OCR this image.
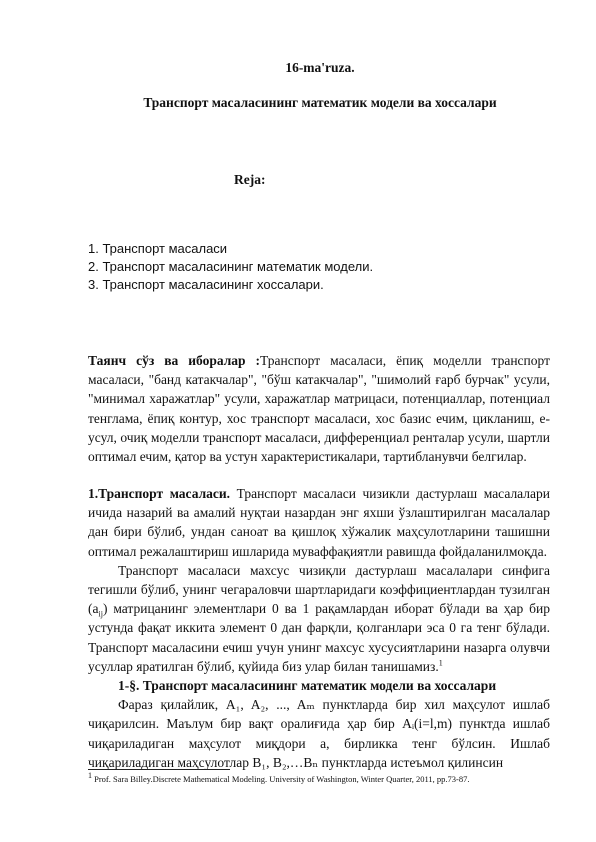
16-ma'ruza.
Транспорт масаласининг математик модели ва хоссалари
Reja:
1. Транспорт масаласи
2. Транспорт масаласининг математик модели.
3. Транспорт масаласининг хоссалари.
Таянч сўз ва иборалар :Транспорт масаласи, ёпиқ моделли транспорт масаласи, "банд катакчалар", "бўш катакчалар", "шимолий ғарб бурчак" усули, "минимал харажатлар" усули, харажатлар матрицаси, потенциаллар, потенциал тенглама, ёпиқ контур, хос транспорт масаласи, хос базис ечим, цикланиш, е-усул, очиқ моделли транспорт масаласи, дифференциал ренталар усули, шартли оптимал ечим, қатор ва устун характеристикалари, тартибланувчи белгилар.
1.Транспорт масаласи. Транспорт масаласи чизикли дастурлаш масалалари ичида назарий ва амалий нуқтаи назардан энг яхши ўзлаштирилган масалалар дан бири бўлиб, ундан саноат ва қишлоқ хўжалик маҳсулотларини ташишни оптимал режалаштириш ишларида муваффақиятли равишда фойдаланилмоқда.
Транспорт масаласи махсус чизиқли дастурлаш масалалари синфига тегишли бўлиб, унинг чегараловчи шартларидаги коэффициентлардан тузилган $(a_{ij})$ матрицанинг элементлари 0 ва 1 рақамлардан иборат бўлади ва ҳар бир устунда фақат иккита элемент 0 дан фарқли, қолганлари эса 0 га тенг бўлади. Транспорт масаласини ечиш учун унинг махсус хусусиятларини назарга олувчи усуллар яратилган бўлиб, қуйида биз улар билан танишамиз.$^1$
1-§. Транспорт масаласининг математик модели ва хоссалари
Фараз қилайлик, A₁, A₂, ..., Aₘ пунктларда бир хил маҳсулот ишлаб чиқарилсин. Маълум бир вақт оралиғида ҳар бир Aᵢ(i=l,m) пунктда ишлаб чиқариладиган маҳсулот миқдори a, бирликка тенг бўлсин. Ишлаб чиқариладиган маҳсулотлар B₁, B₂,…Bₙ пунктларда истеъмол қилинсин
$^1$ Prof. Sara Billey.Discrete Mathematical Modeling. University of Washington, Winter Quarter, 2011, pp.73-87.
